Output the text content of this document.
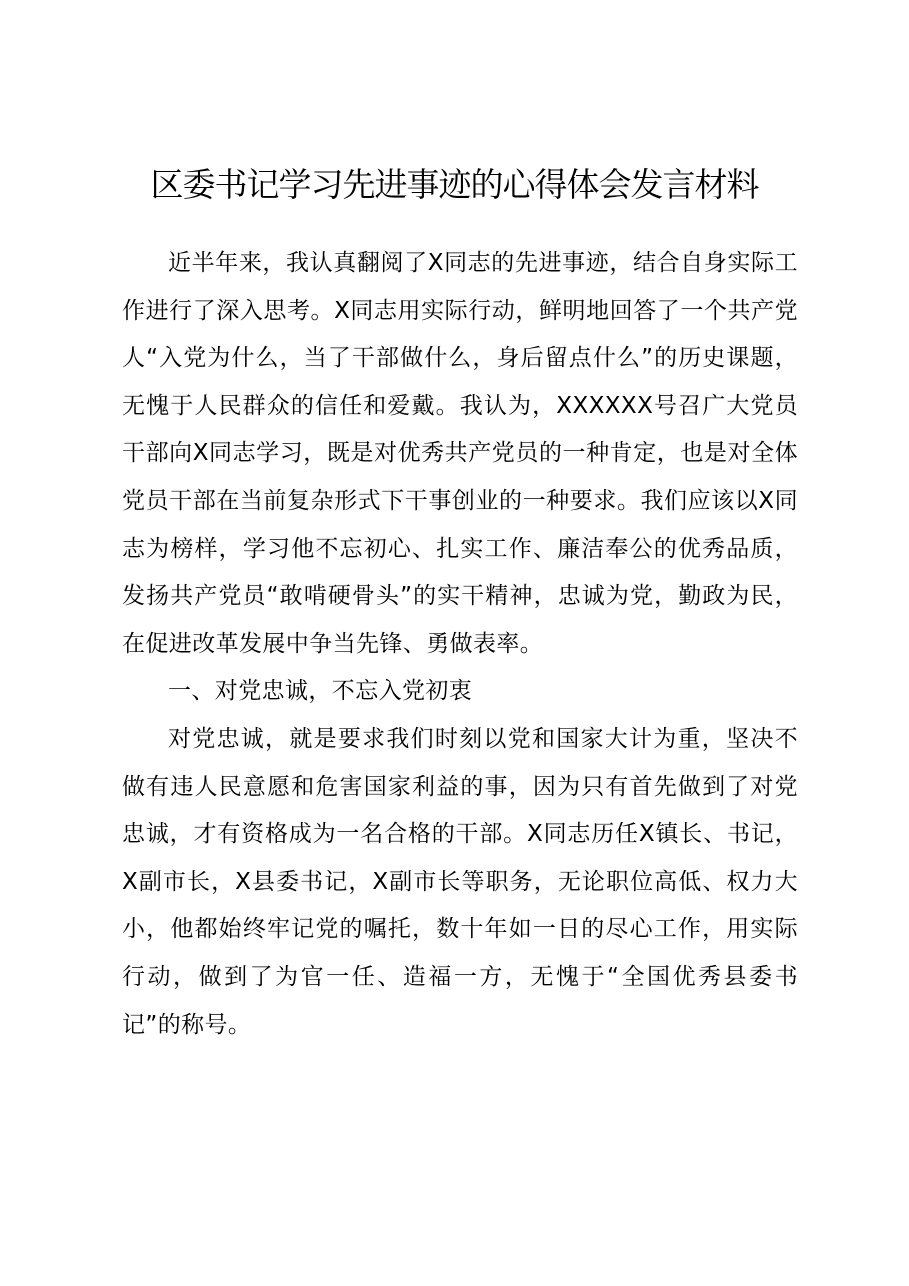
区委书记学习先进事迹的心得体会发言材料

近半年来，我认真翻阅了X同志的先进事迹，结合自身实际工作进行了深入思考。X同志用实际行动，鲜明地回答了一个共产党人“入党为什么，当了干部做什么，身后留点什么”的历史课题，无愧于人民群众的信任和爱戴。我认为，XXXXXX号召广大党员干部向X同志学习，既是对优秀共产党员的一种肯定，也是对全体党员干部在当前复杂形式下干事创业的一种要求。我们应该以X同志为榜样，学习他不忘初心、扎实工作、廉洁奉公的优秀品质，发扬共产党员“敢啃硬骨头”的实干精神，忠诚为党，勤政为民，在促进改革发展中争当先锋、勇做表率。

一、对党忠诚，不忘入党初衷

对党忠诚，就是要求我们时刻以党和国家大计为重，坚决不做有违人民意愿和危害国家利益的事，因为只有首先做到了对党忠诚，才有资格成为一名合格的干部。X同志历任X镇长、书记，X副市长，X县委书记，X副市长等职务，无论职位高低、权力大小，他都始终牢记党的嘱托，数十年如一日的尽心工作，用实际行动，做到了为官一任、造福一方，无愧于“全国优秀县委书记”的称号。
